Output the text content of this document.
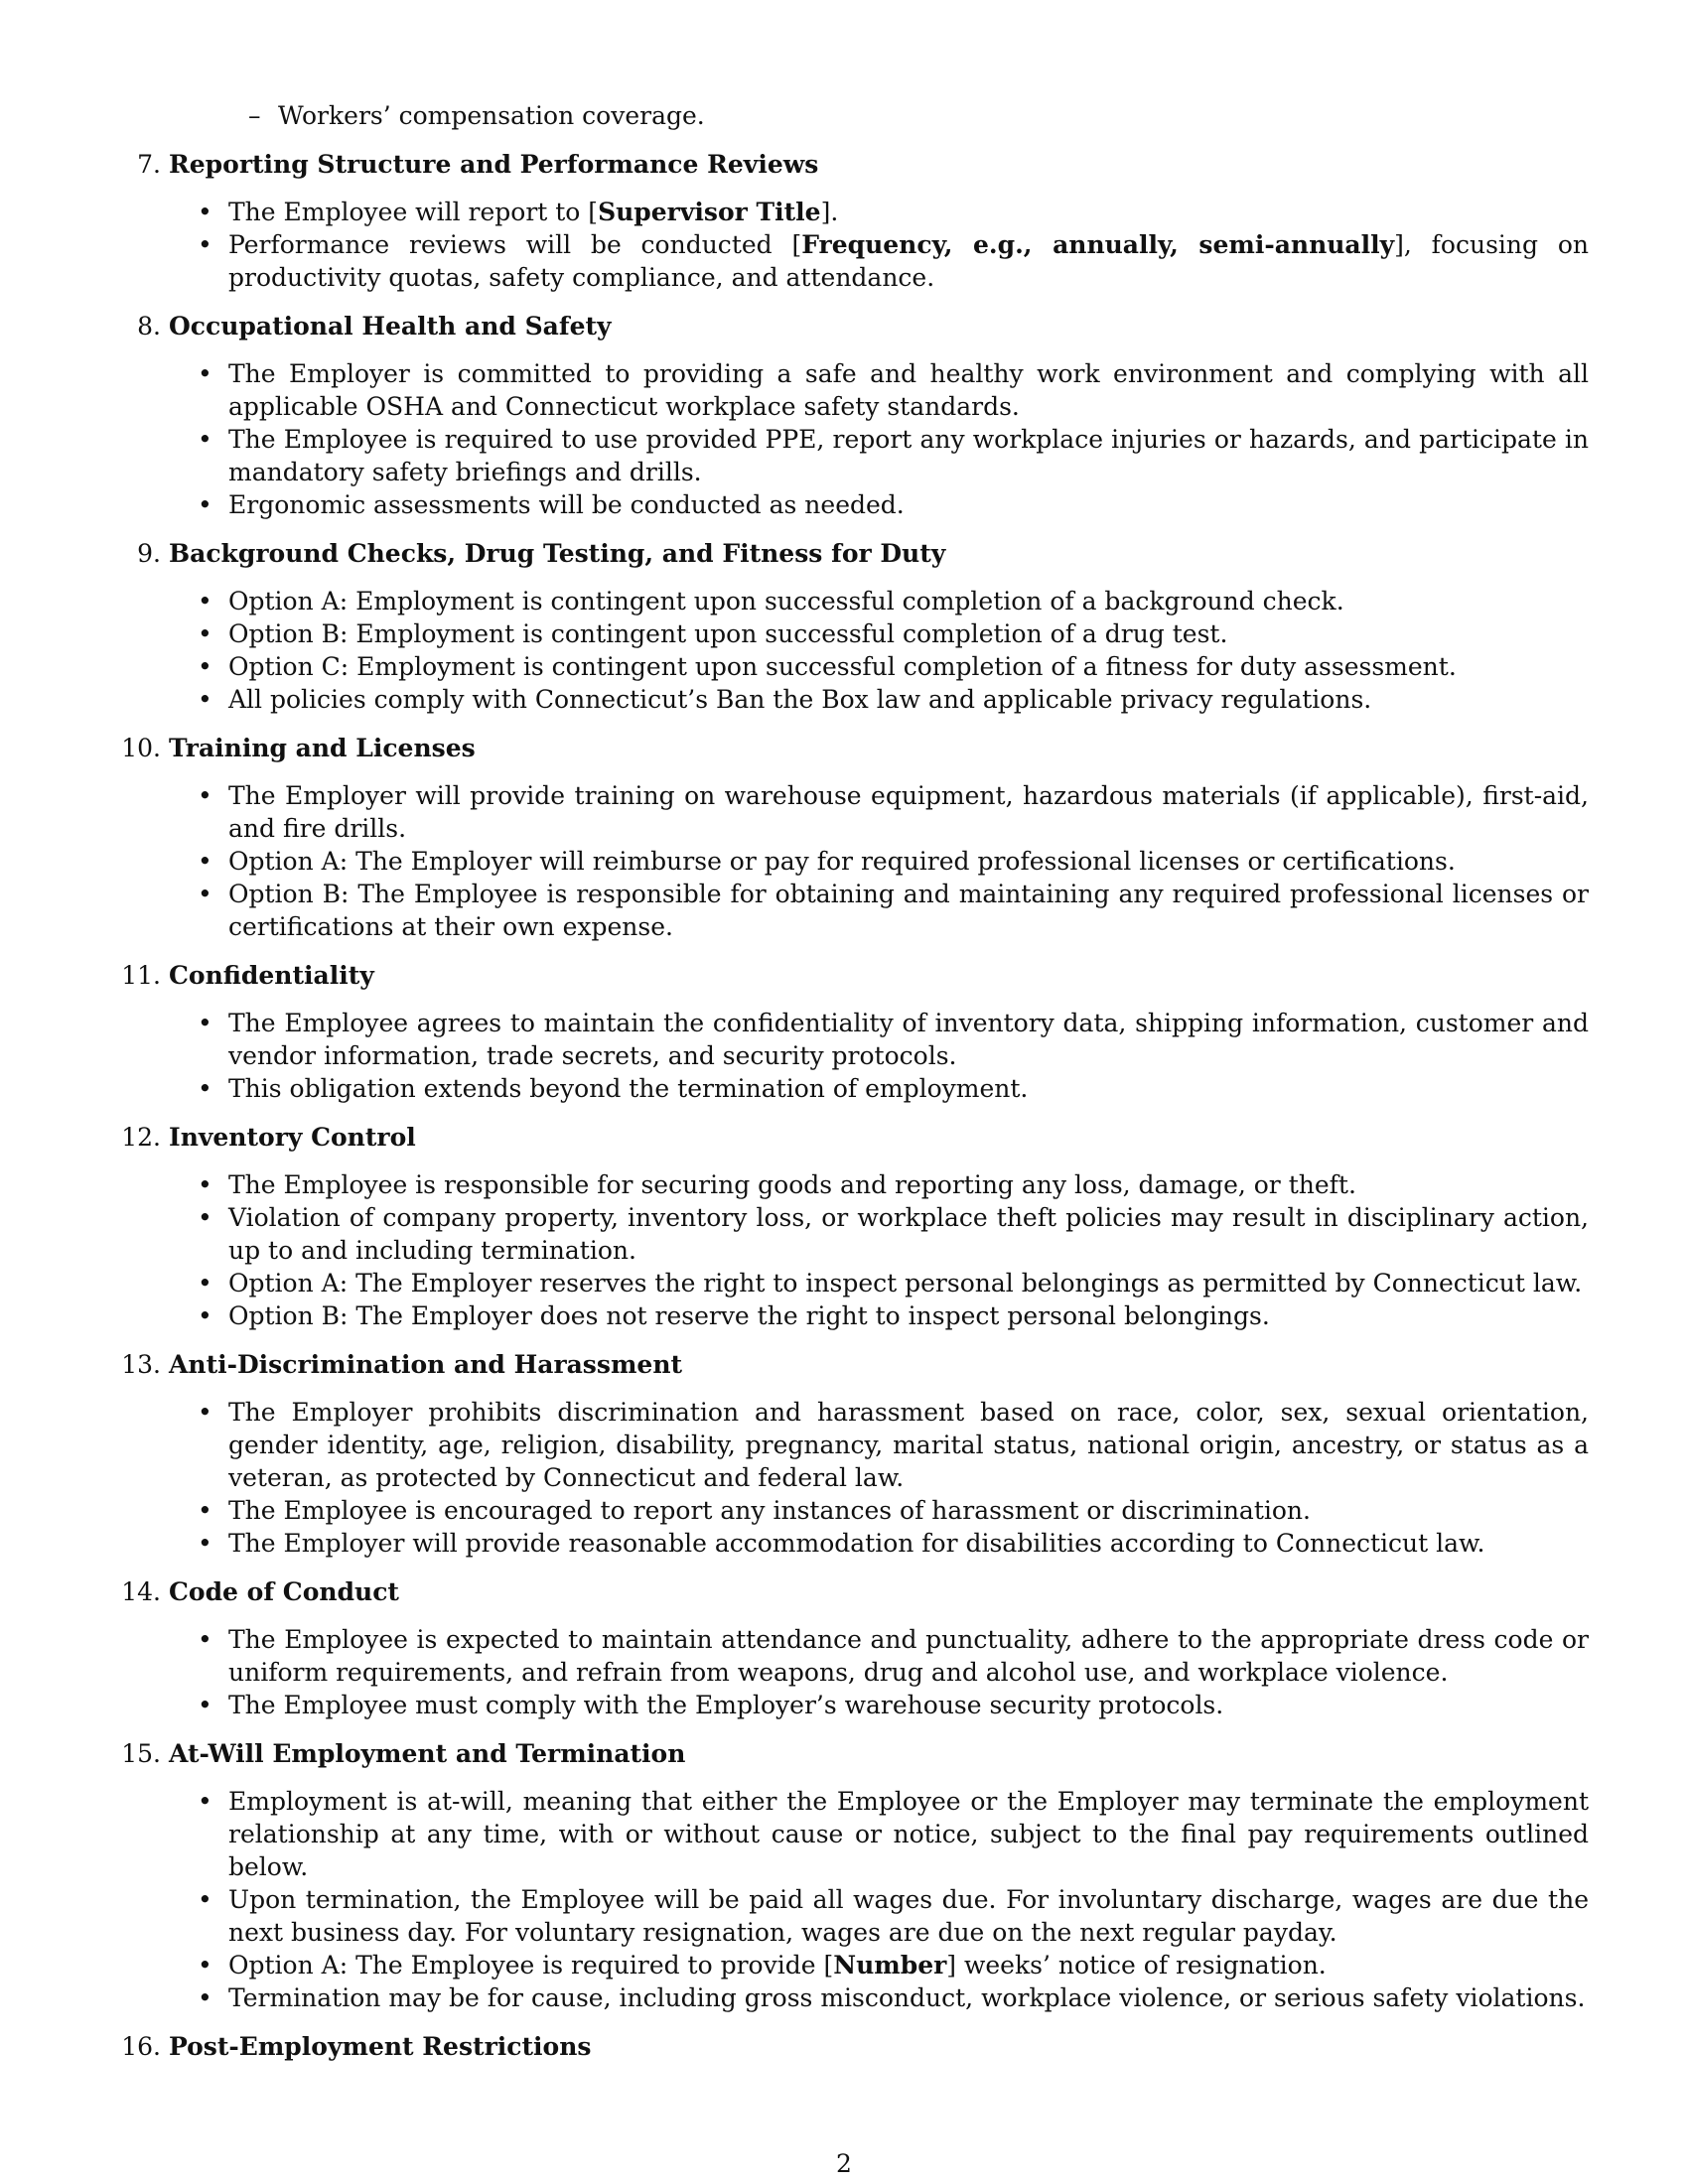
– Workers’ compensation coverage.
7. Reporting Structure and Performance Reviews
• The Employee will report to [Supervisor Title].
• Performance reviews will be conducted [Frequency, e.g., annually, semi-annually], focusing on productivity quotas, safety compliance, and attendance.
8. Occupational Health and Safety
• The Employer is committed to providing a safe and healthy work environment and complying with all applicable OSHA and Connecticut workplace safety standards.
• The Employee is required to use provided PPE, report any workplace injuries or hazards, and participate in mandatory safety briefings and drills.
• Ergonomic assessments will be conducted as needed.
9. Background Checks, Drug Testing, and Fitness for Duty
• Option A: Employment is contingent upon successful completion of a background check.
• Option B: Employment is contingent upon successful completion of a drug test.
• Option C: Employment is contingent upon successful completion of a fitness for duty assessment.
• All policies comply with Connecticut’s Ban the Box law and applicable privacy regulations.
10. Training and Licenses
• The Employer will provide training on warehouse equipment, hazardous materials (if applicable), first-aid, and fire drills.
• Option A: The Employer will reimburse or pay for required professional licenses or certifications.
• Option B: The Employee is responsible for obtaining and maintaining any required professional licenses or certifications at their own expense.
11. Confidentiality
• The Employee agrees to maintain the confidentiality of inventory data, shipping information, customer and vendor information, trade secrets, and security protocols.
• This obligation extends beyond the termination of employment.
12. Inventory Control
• The Employee is responsible for securing goods and reporting any loss, damage, or theft.
• Violation of company property, inventory loss, or workplace theft policies may result in disciplinary action, up to and including termination.
• Option A: The Employer reserves the right to inspect personal belongings as permitted by Connecticut law.
• Option B: The Employer does not reserve the right to inspect personal belongings.
13. Anti-Discrimination and Harassment
• The Employer prohibits discrimination and harassment based on race, color, sex, sexual orientation, gender identity, age, religion, disability, pregnancy, marital status, national origin, ancestry, or status as a veteran, as protected by Connecticut and federal law.
• The Employee is encouraged to report any instances of harassment or discrimination.
• The Employer will provide reasonable accommodation for disabilities according to Connecticut law.
14. Code of Conduct
• The Employee is expected to maintain attendance and punctuality, adhere to the appropriate dress code or uniform requirements, and refrain from weapons, drug and alcohol use, and workplace violence.
• The Employee must comply with the Employer’s warehouse security protocols.
15. At-Will Employment and Termination
• Employment is at-will, meaning that either the Employee or the Employer may terminate the employment relationship at any time, with or without cause or notice, subject to the final pay requirements outlined below.
• Upon termination, the Employee will be paid all wages due. For involuntary discharge, wages are due the next business day. For voluntary resignation, wages are due on the next regular payday.
• Option A: The Employee is required to provide [Number] weeks’ notice of resignation.
• Termination may be for cause, including gross misconduct, workplace violence, or serious safety violations.
16. Post-Employment Restrictions
2
